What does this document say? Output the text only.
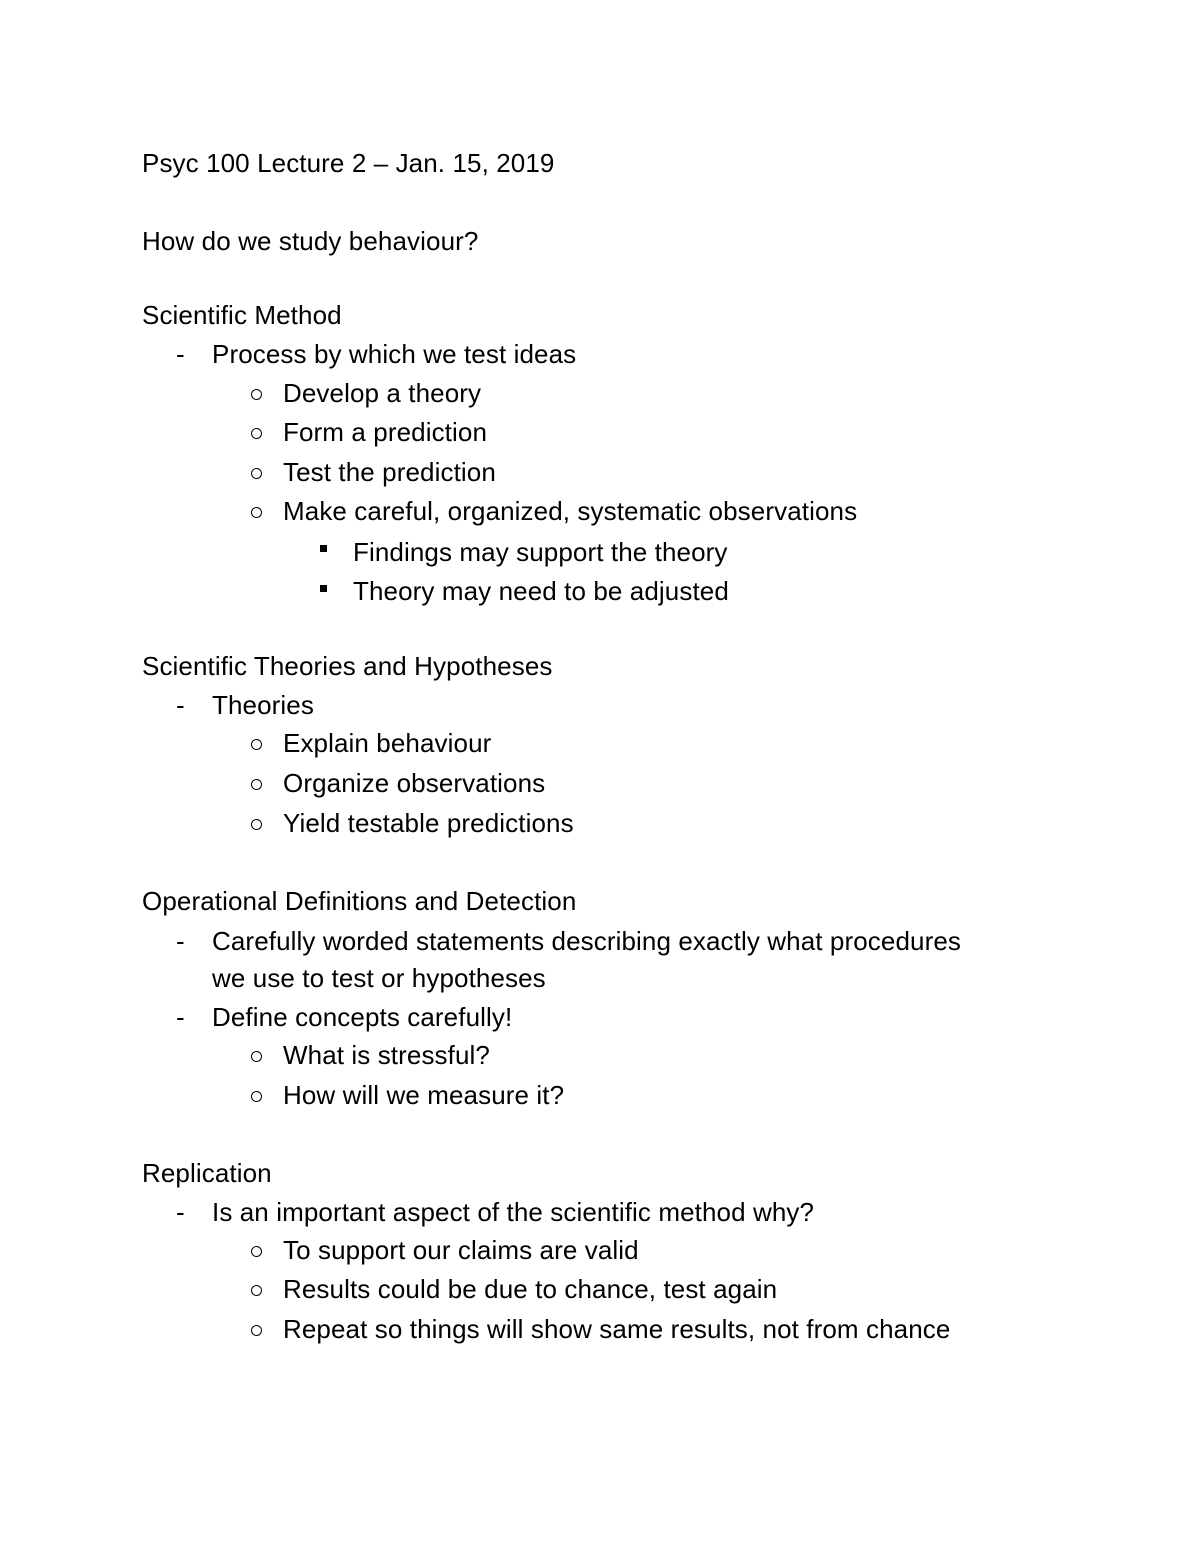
Psyc 100 Lecture 2 – Jan. 15, 2019
How do we study behaviour?
Scientific Method
- Process by which we test ideas
Develop a theory
Form a prediction
Test the prediction
Make careful, organized, systematic observations
Findings may support the theory
Theory may need to be adjusted
Scientific Theories and Hypotheses
- Theories
Explain behaviour
Organize observations
Yield testable predictions
Operational Definitions and Detection
- Carefully worded statements describing exactly what procedures
we use to test or hypotheses
- Define concepts carefully!
What is stressful?
How will we measure it?
Replication
- Is an important aspect of the scientific method why?
To support our claims are valid
Results could be due to chance, test again
Repeat so things will show same results, not from chance
